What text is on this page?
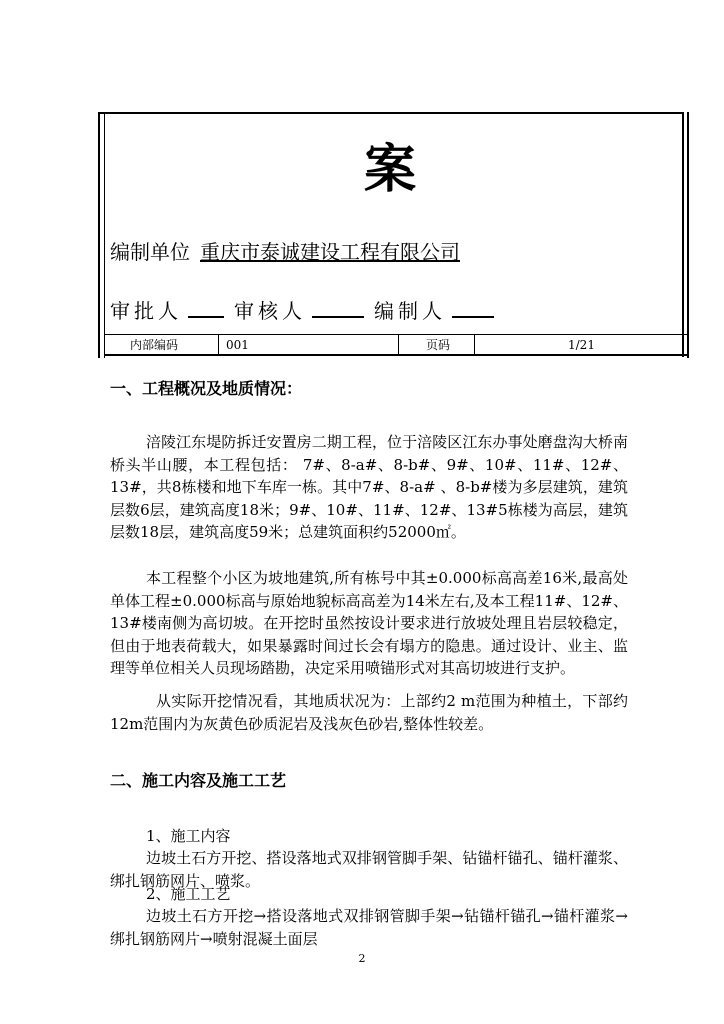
案
编制单位 重庆市泰诚建设工程有限公司
审批人	审核人	编制人
内部编码	001	页码	1/21
一、工程概况及地质情况：
涪陵江东堤防拆迁安置房二期工程，位于涪陵区江东办事处磨盘沟大桥南桥头半山腰，本工程包括： 7#、8-a#、8-b#、9#、10#、11#、12#、13#，共8栋楼和地下车库一栋。其中7#、8-a# 、8-b#楼为多层建筑，建筑层数6层，建筑高度18米；9#、10#、11#、12#、13#5栋楼为高层，建筑层数18层，建筑高度59米；总建筑面积约52000㎡。
本工程整个小区为坡地建筑,所有栋号中其±0.000标高高差16米,最高处单体工程±0.000标高与原始地貌标高高差为14米左右,及本工程11#、12#、13#楼南侧为高切坡。在开挖时虽然按设计要求进行放坡处理且岩层较稳定，但由于地表荷载大，如果暴露时间过长会有塌方的隐患。通过设计、业主、监理等单位相关人员现场踏勘，决定采用喷锚形式对其高切坡进行支护。
从实际开挖情况看，其地质状况为：上部约2 m范围为种植土，下部约12m范围内为灰黄色砂质泥岩及浅灰色砂岩,整体性较差。
二、施工内容及施工工艺
1、施工内容
边坡土石方开挖、搭设落地式双排钢管脚手架、钻锚杆锚孔、锚杆灌浆、绑扎钢筋网片、喷浆。
2、施工工艺
边坡土石方开挖→搭设落地式双排钢管脚手架→钻锚杆锚孔→锚杆灌浆→绑扎钢筋网片→喷射混凝土面层
2
